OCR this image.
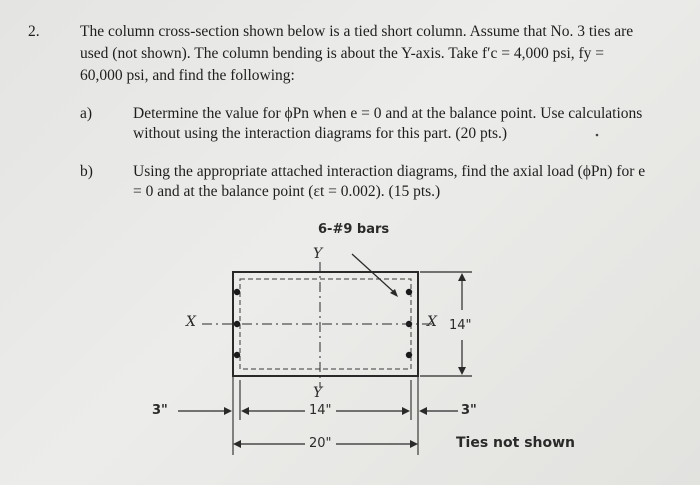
2.	The column cross-section shown below is a tied short column. Assume that No. 3 ties are
used (not shown). The column bending is about the Y-axis. Take f′c = 4,000 psi, fy =
60,000 psi, and find the following:
a)	Determine the value for ϕPn when e = 0 and at the balance point. Use calculations
without using the interaction diagrams for this part. (20 pts.)
b)	Using the appropriate attached interaction diagrams, find the axial load (ϕPn) for e
= 0 and at the balance point (εt = 0.002). (15 pts.)
6-#9 bars
Y
X	X 14"
Y
14"
3"	3"
20"	Ties not shown
